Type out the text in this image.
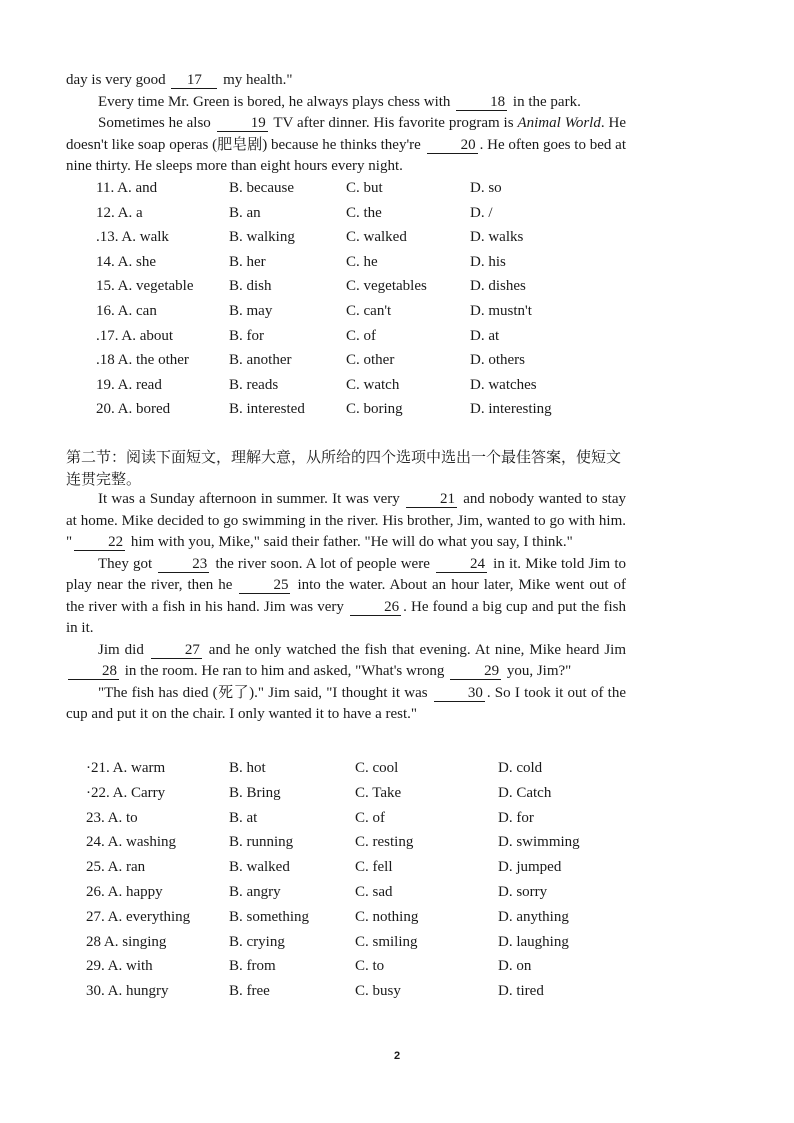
day is very good 17 my health."

Every time Mr. Green is bored, he always plays chess with 18 in the park.

Sometimes he also 19 TV after dinner. His favorite program is Animal World. He doesn't like soap operas (肥皂剧) because he thinks they're 20 . He often goes to bed at nine thirty. He sleeps more than eight hours every night.

11. A. and	B. because	C. but	D. so
12. A. a	B. an	C. the	D. /
.13. A. walk	B. walking	C. walked	D. walks
14. A. she	B. her	C. he	D. his
15. A. vegetable B. dish	C. vegetables	D. dishes
16. A. can	B. may	C. can't	D. mustn't
.17. A. about	B. for	C. of	D. at
.18 A. the other	B. another	C. other	D. others
19. A. read	B. reads	C. watch	D. watches
20. A. bored	B. interested	C. boring	D. interesting
第二节：阅读下面短文，理解大意，从所给的四个选项中选出一个最佳答案，使短文连贯完整。

It was a Sunday afternoon in summer. It was very 21 and nobody wanted to stay at home. Mike decided to go swimming in the river. His brother, Jim, wanted to go with him. " 22 him with you, Mike," said their father. "He will do what you say, I think."

They got 23 the river soon. A lot of people were 24 in it. Mike told Jim to play near the river, then he 25 into the water. About an hour later, Mike went out of the river with a fish in his hand. Jim was very 26 . He found a big cup and put the fish in it.

Jim did 27 and he only watched the fish that evening. At nine, Mike heard Jim 28 in the room. He ran to him and asked, "What's wrong 29 you, Jim?"

"The fish has died (死了)." Jim said, "I thought it was 30 . So I took it out of the cup and put it on the chair. I only wanted it to have a rest."

·21. A. warm	B. hot	C. cool	D. cold
·22. A. Carry	B. Bring	C. Take	D. Catch
23. A. to	B. at	C. of	D. for
24. A. washing	B. running	C. resting	D. swimming
25. A. ran	B. walked	C. fell	D. jumped
26. A. happy	B. angry	C. sad	D. sorry
27. A. everything	B. something	C. nothing	D. anything
28 A. singing	B. crying	C. smiling	D. laughing
29. A. with	B. from	C. to	D. on
30. A. hungry	B. free	C. busy	D. tired
2
